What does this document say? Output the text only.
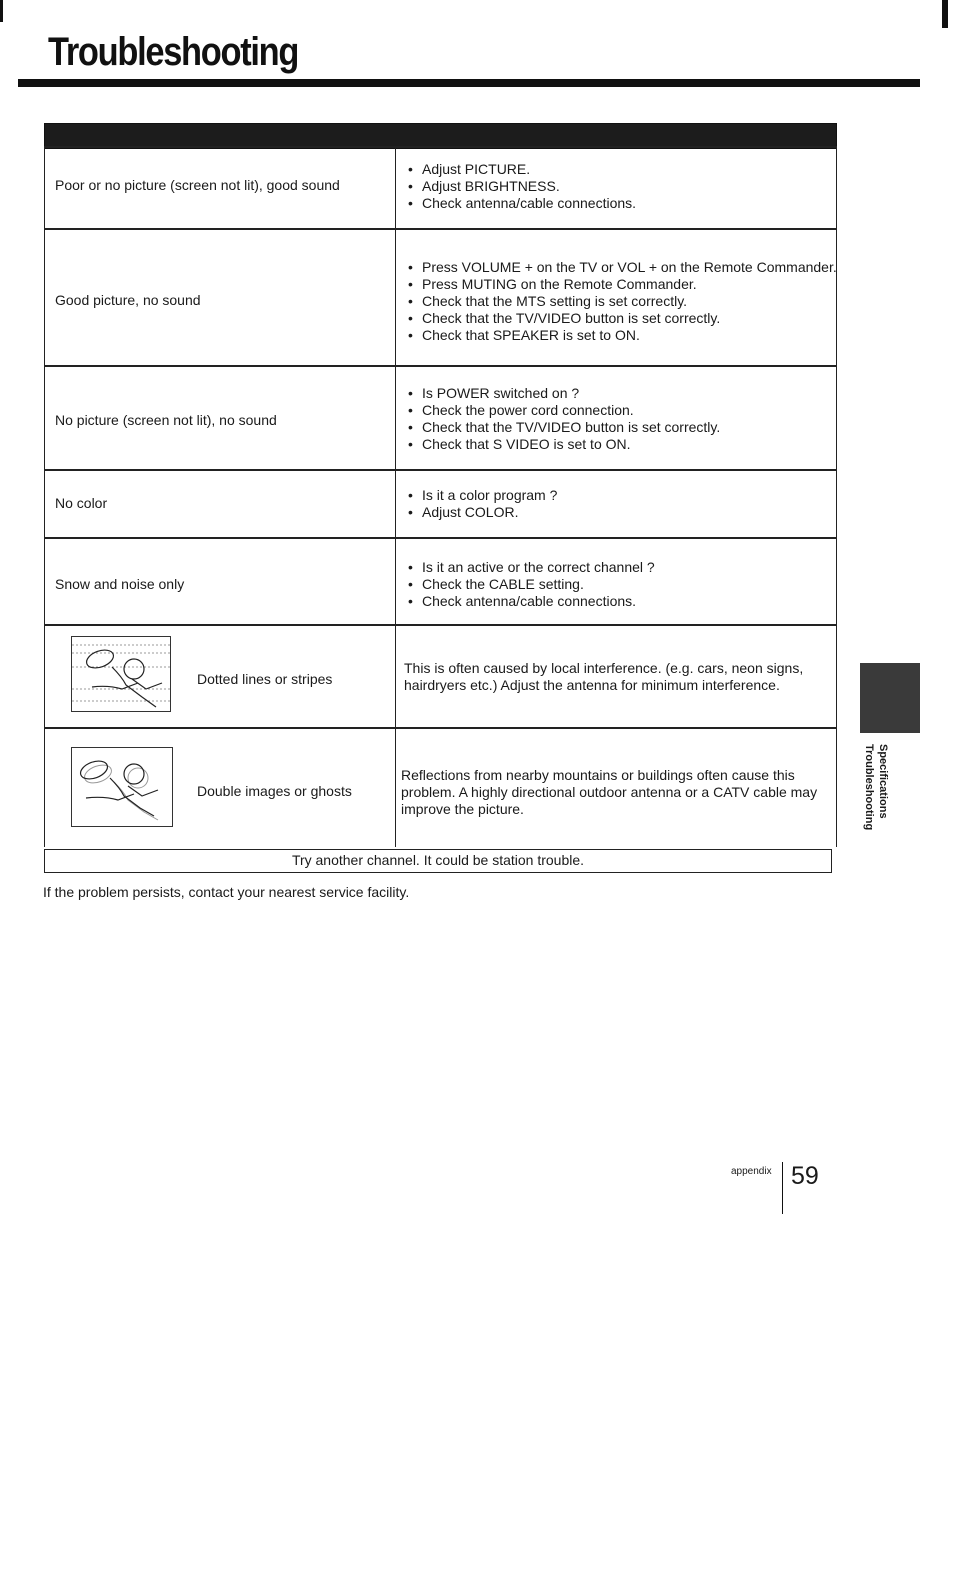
Troubleshooting
Poor or no picture (screen not lit), good sound
• Adjust PICTURE.
• Adjust BRIGHTNESS.
• Check antenna/cable connections.
Good picture, no sound
• Press VOLUME + on the TV or VOL + on the Remote Commander.
• Press MUTING on the Remote Commander.
• Check that the MTS setting is set correctly.
• Check that the TV/VIDEO button is set correctly.
• Check that SPEAKER is set to ON.
No picture (screen not lit), no sound
• Is POWER switched on ?
• Check the power cord connection.
• Check that the TV/VIDEO button is set correctly.
• Check that S VIDEO is set to ON.
No color
•	Is it a color program ?
• Adjust COLOR.
Snow and noise only
• Is it an active or the correct channel ?
• Check the CABLE setting.
• Check antenna/cable connections.
Dotted lines or stripes

This is often caused by local interference. (e.g. cars, neon signs, hairdryers etc.) Adjust the antenna for minimum interference.

Double images or ghosts

Reflections from nearby mountains or buildings often cause this problem. A highly directional outdoor antenna or a CATV cable may improve the picture.

Try another channel. It could be station trouble.
If the problem persists, contact your nearest service facility.
Specifications
Troubleshooting
appendix 59
